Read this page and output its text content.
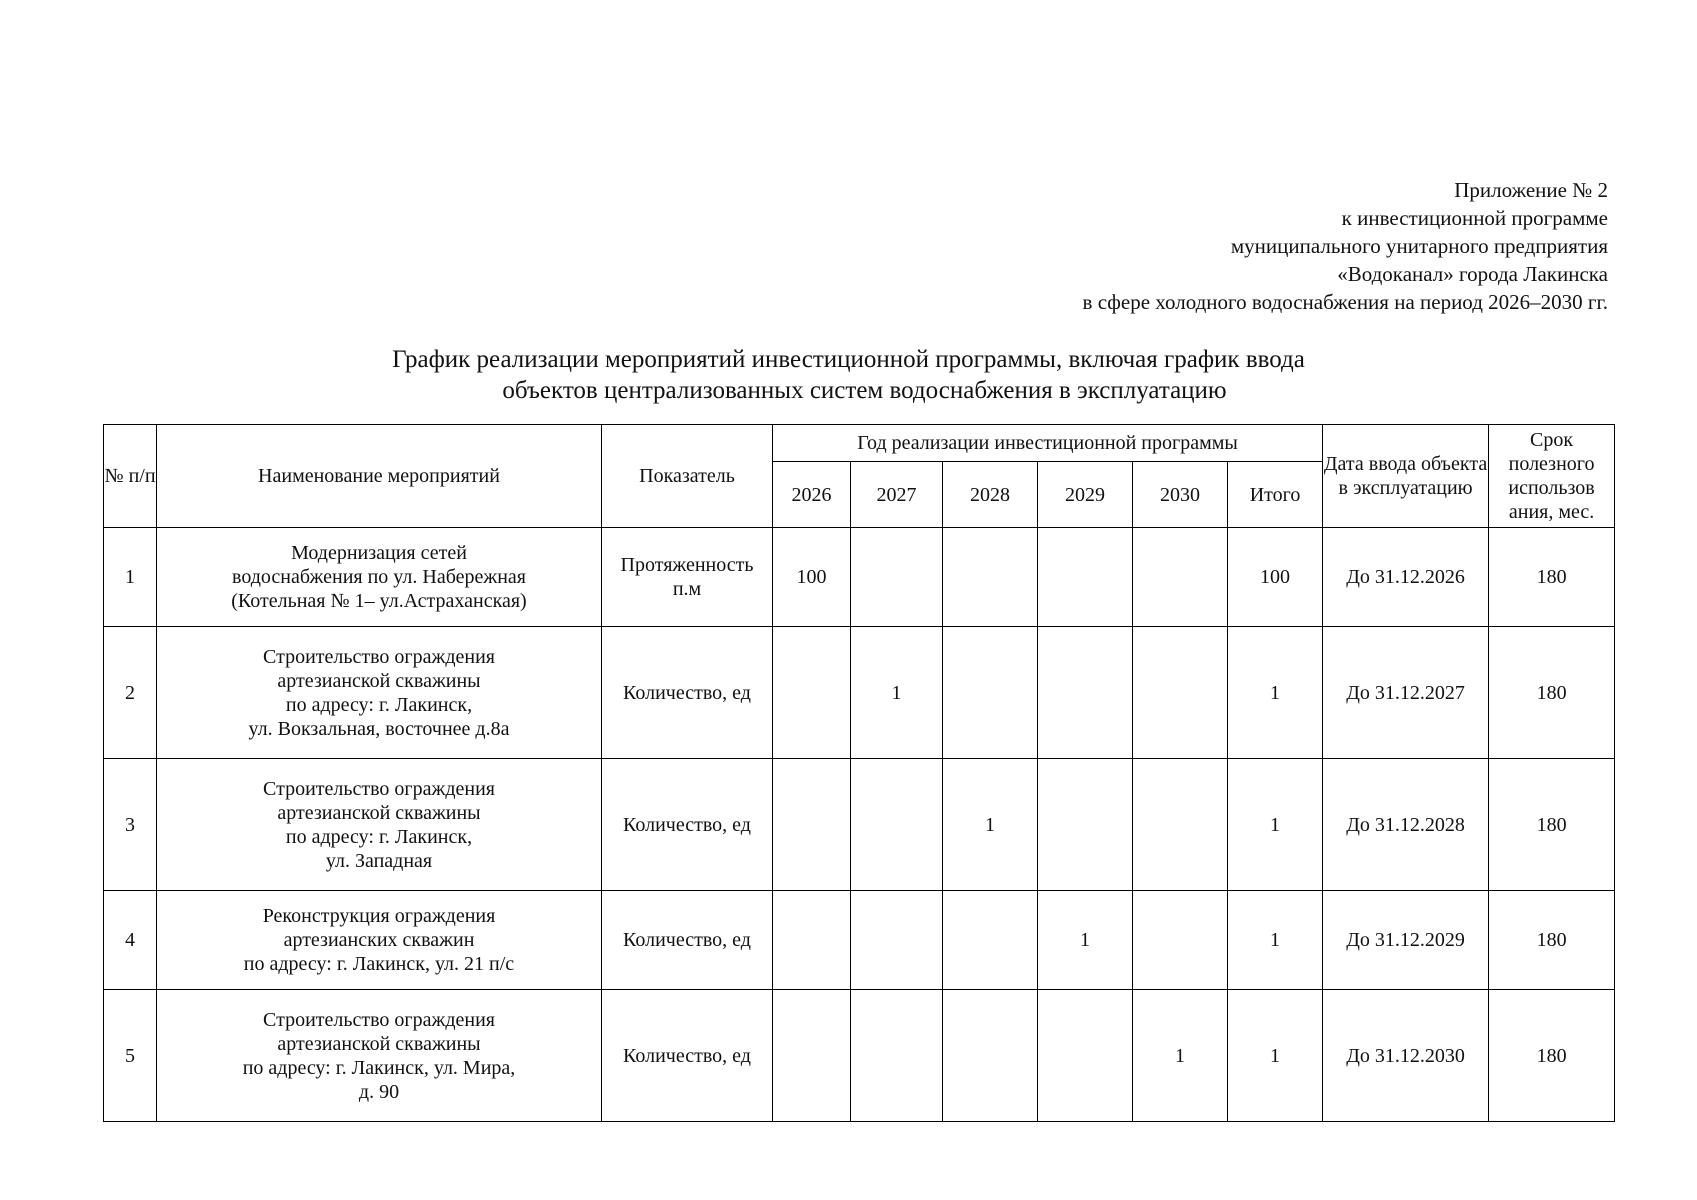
Приложение № 2
к инвестиционной программе
муниципального унитарного предприятия
«Водоканал» города Лакинска
в сфере холодного водоснабжения на период 2026–2030 гг.
График реализации мероприятий инвестиционной программы, включая график ввода
объектов централизованных систем водоснабжения в эксплуатацию
№ п/п	Наименование мероприятий	Показатель	Год реализации инвестиционной программы						Дата ввода объекта в эксплуатацию	Срок полезного использов ания, мес.
			2026	2027	2028	2029	2030	Итого		
1	Модернизация сетей
водоснабжения по ул. Набережная
(Котельная № 1– ул.Астраханская)	Протяженность
п.м	100					100	До 31.12.2026	180
2	Строительство ограждения
артезианской скважины
по адресу: г. Лакинск,
ул. Вокзальная, восточнее д.8а	Количество, ед		1				1	До 31.12.2027	180
3	Строительство ограждения
артезианской скважины
по адресу: г. Лакинск,
ул. Западная	Количество, ед			1			1	До 31.12.2028	180
4	Реконструкция ограждения
артезианских скважин
по адресу: г. Лакинск, ул. 21 п/с	Количество, ед				1		1	До 31.12.2029	180
5	Строительство ограждения
артезианской скважины
по адресу: г. Лакинск, ул. Мира,
д. 90	Количество, ед					1	1	До 31.12.2030	180
